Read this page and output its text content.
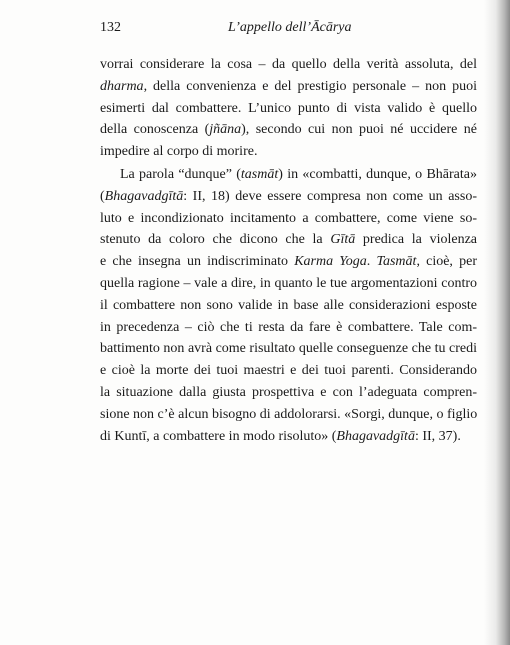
132	L’appello dell’Ācārya
vorrai considerare la cosa – da quello della verità assoluta, del
dharma, della convenienza e del prestigio personale – non puoi
esimerti dal combattere. L’unico punto di vista valido è quello
della conoscenza (jñāna), secondo cui non puoi né uccidere né
impedire al corpo di morire.
La parola “dunque” (tasmāt) in «combatti, dunque, o Bhārata»
(Bhagavadgītā: II, 18) deve essere compresa non come un asso-
luto e incondizionato incitamento a combattere, come viene so-
stenuto da coloro che dicono che la Gītā predica la violenza
e che insegna un indiscriminato Karma Yoga. Tasmāt, cioè, per
quella ragione – vale a dire, in quanto le tue argomentazioni contro
il combattere non sono valide in base alle considerazioni esposte
in precedenza – ciò che ti resta da fare è combattere. Tale com-
battimento non avrà come risultato quelle conseguenze che tu credi
e cioè la morte dei tuoi maestri e dei tuoi parenti. Considerando
la situazione dalla giusta prospettiva e con l’adeguata compren-
sione non c’è alcun bisogno di addolorarsi. «Sorgi, dunque, o figlio
di Kuntī, a combattere in modo risoluto» (Bhagavadgītā: II, 37).
